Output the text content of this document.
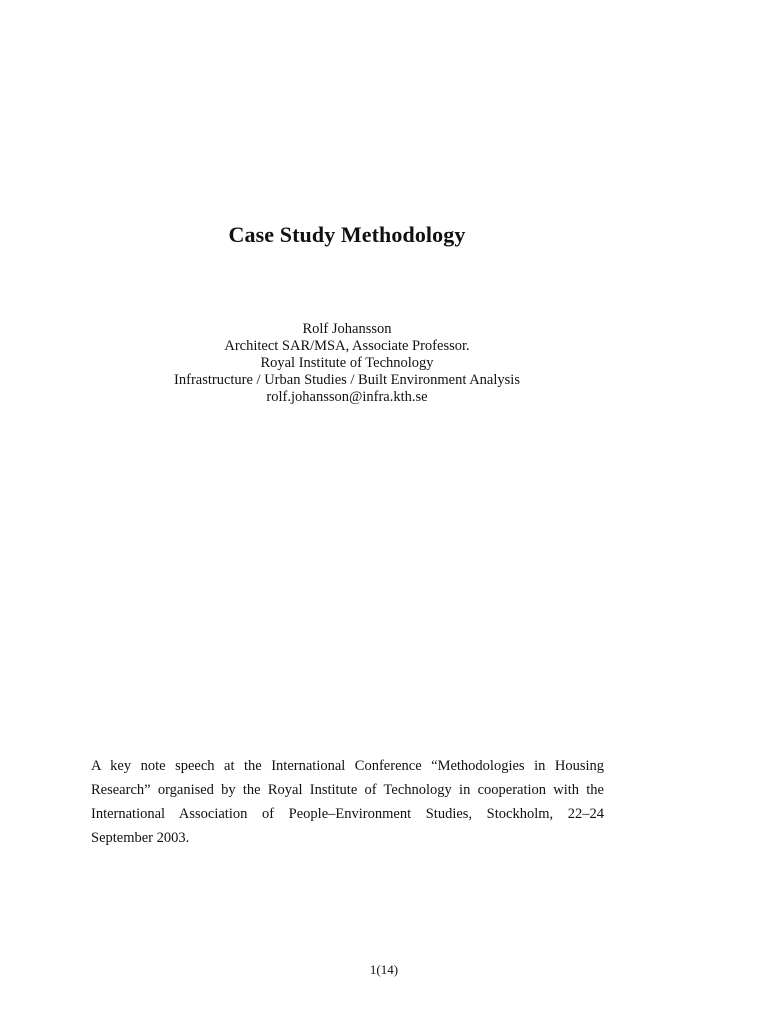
Case Study Methodology
Rolf Johansson
Architect SAR/MSA, Associate Professor.
Royal Institute of Technology
Infrastructure / Urban Studies / Built Environment Analysis
rolf.johansson@infra.kth.se
A key note speech at the International Conference “Methodologies in Housing
Research” organised by the Royal Institute of Technology in cooperation with the
International Association of People–Environment Studies, Stockholm, 22–24
September 2003.
1(14)
